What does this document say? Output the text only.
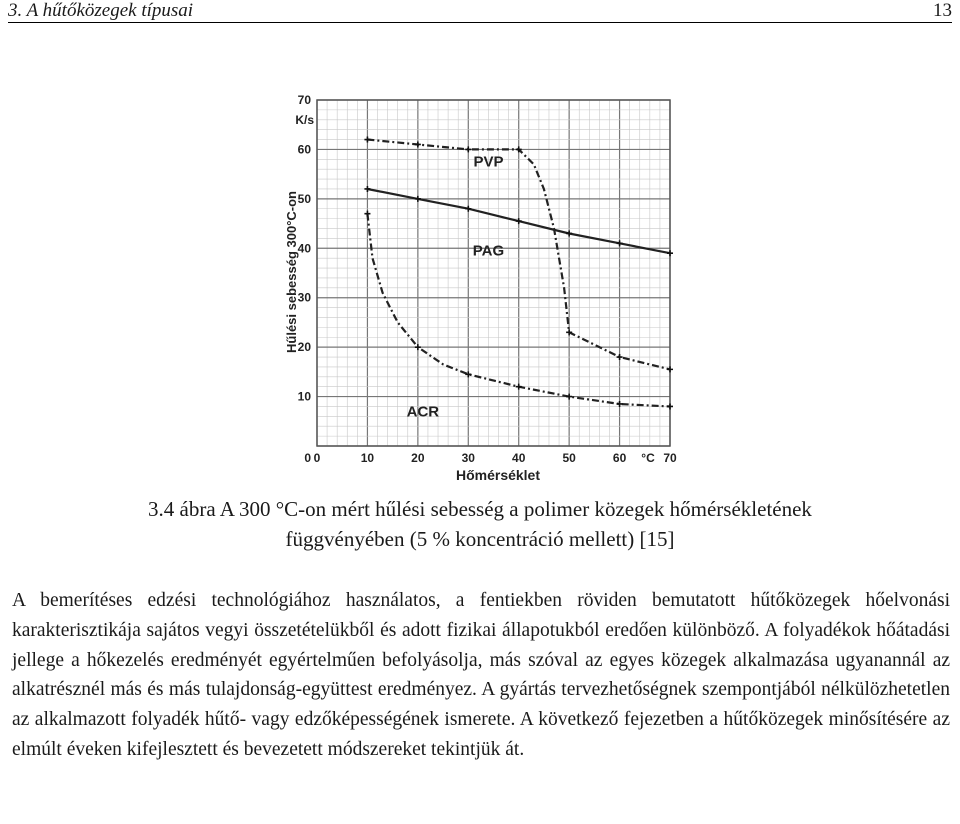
3. A hűtőközegek típusai	13
0	10	20	30	40	50	60	70
10
20
30
40
50
60
70
0
K/s
°C
Hűlési sebesség 300°C-on
Hőmérséklet
PVP
PAG
ACR
3.4 ábra A 300 °C-on mért hűlési sebesség a polimer közegek hőmérsékletének
függvényében (5 % koncentráció mellett) [15]

A bemerítéses edzési technológiához használatos, a fentiekben röviden bemutatott hűtőközegek hőelvonási karakterisztikája sajátos vegyi összetételükből és adott fizikai állapotukból eredően különböző. A folyadékok hőátadási jellege a hőkezelés eredményét egyértelműen befolyásolja, más szóval az egyes közegek alkalmazása ugyanannál az alkatrésznél más és más tulajdonság-együttest eredményez. A gyártás tervezhetőségnek szempontjából nélkülözhetetlen az alkalmazott folyadék hűtő- vagy edzőképességének ismerete. A következő fejezetben a hűtőközegek minősítésére az elmúlt éveken kifejlesztett és bevezetett módszereket tekintjük át.
